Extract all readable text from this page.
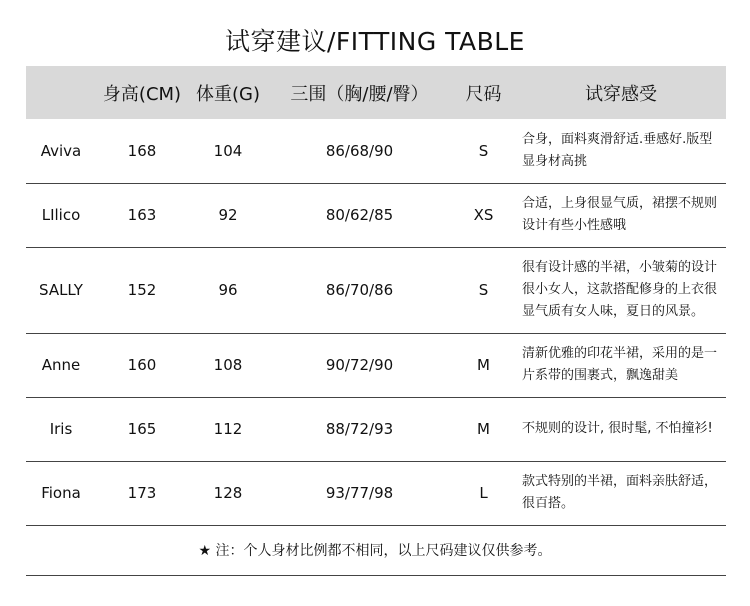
试穿建议/FITTING TABLE
	身高(CM)	体重(G)	三围（胸/腰/臀）	尺码	试穿感受
Aviva	168	104	86/68/90	S	合身，面料爽滑舒适.垂感好.版型显身材高挑
LIlico	163	92	80/62/85	XS	合适，上身很显气质，裙摆不规则设计有些小性感哦
SALLY	152	96	86/70/86	S	很有设计感的半裙，小皱菊的设计很小女人，这款搭配修身的上衣很显气质有女人味，夏日的风景。
Anne	160	108	90/72/90	M	清新优雅的印花半裙，采用的是一片系带的围裹式，飘逸甜美
Iris	165	112	88/72/93	M	不规则的设计, 很时髦, 不怕撞衫!
Fiona	173	128	93/77/98	L	款式特别的半裙，面料亲肤舒适，很百搭。
★ 注：个人身材比例都不相同，以上尺码建议仅供参考。
